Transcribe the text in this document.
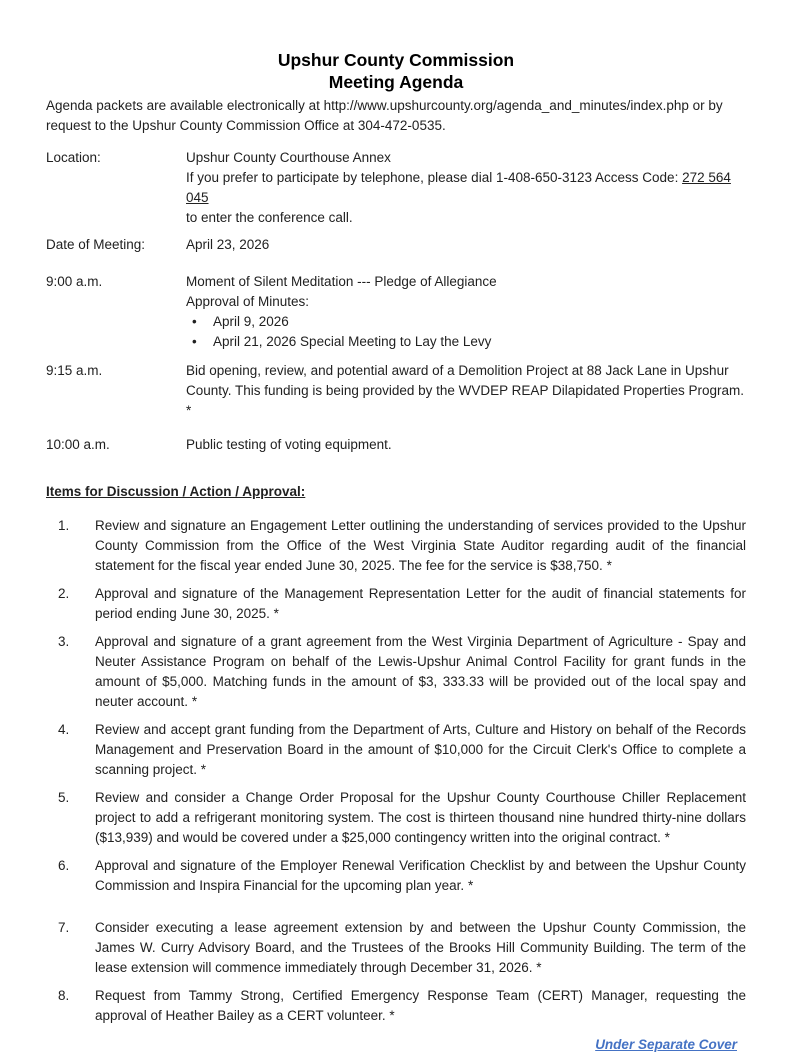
Upshur County Commission
Meeting Agenda

Agenda packets are available electronically at http://www.upshurcounty.org/agenda_and_minutes/index.php or by request to the Upshur County Commission Office at 304-472-0535.

Location:	Upshur County Courthouse Annex
If you prefer to participate by telephone, please dial 1-408-650-3123 Access Code: 272 564 045
to enter the conference call.
Date of Meeting:	April 23, 2026
9:00 a.m.	Moment of Silent Meditation --- Pledge of Allegiance
Approval of Minutes:
•	April 9, 2026
•	April 21, 2026 Special Meeting to Lay the Levy
9:15 a.m.	Bid opening, review, and potential award of a Demolition Project at 88 Jack Lane in Upshur County. This funding is being provided by the WVDEP REAP Dilapidated Properties Program. *
10:00 a.m.	Public testing of voting equipment.
Items for Discussion / Action / Approval:
1.	Review and signature an Engagement Letter outlining the understanding of services provided to the Upshur County Commission from the Office of the West Virginia State Auditor regarding audit of the financial statement for the fiscal year ended June 30, 2025. The fee for the service is $38,750. *
2.	Approval and signature of the Management Representation Letter for the audit of financial statements for period ending June 30, 2025. *
3.	Approval and signature of a grant agreement from the West Virginia Department of Agriculture - Spay and Neuter Assistance Program on behalf of the Lewis-Upshur Animal Control Facility for grant funds in the amount of $5,000. Matching funds in the amount of $3, 333.33 will be provided out of the local spay and neuter account. *
4.	Review and accept grant funding from the Department of Arts, Culture and History on behalf of the Records Management and Preservation Board in the amount of $10,000 for the Circuit Clerk's Office to complete a scanning project. *
5.	Review and consider a Change Order Proposal for the Upshur County Courthouse Chiller Replacement project to add a refrigerant monitoring system. The cost is thirteen thousand nine hundred thirty-nine dollars ($13,939) and would be covered under a $25,000 contingency written into the original contract. *
6.	Approval and signature of the Employer Renewal Verification Checklist by and between the Upshur County Commission and Inspira Financial for the upcoming plan year. *
7.	Consider executing a lease agreement extension by and between the Upshur County Commission, the James W. Curry Advisory Board, and the Trustees of the Brooks Hill Community Building. The term of the lease extension will commence immediately through December 31, 2026. *
8.	Request from Tammy Strong, Certified Emergency Response Team (CERT) Manager, requesting the approval of Heather Bailey as a CERT volunteer. *
Under Separate Cover
